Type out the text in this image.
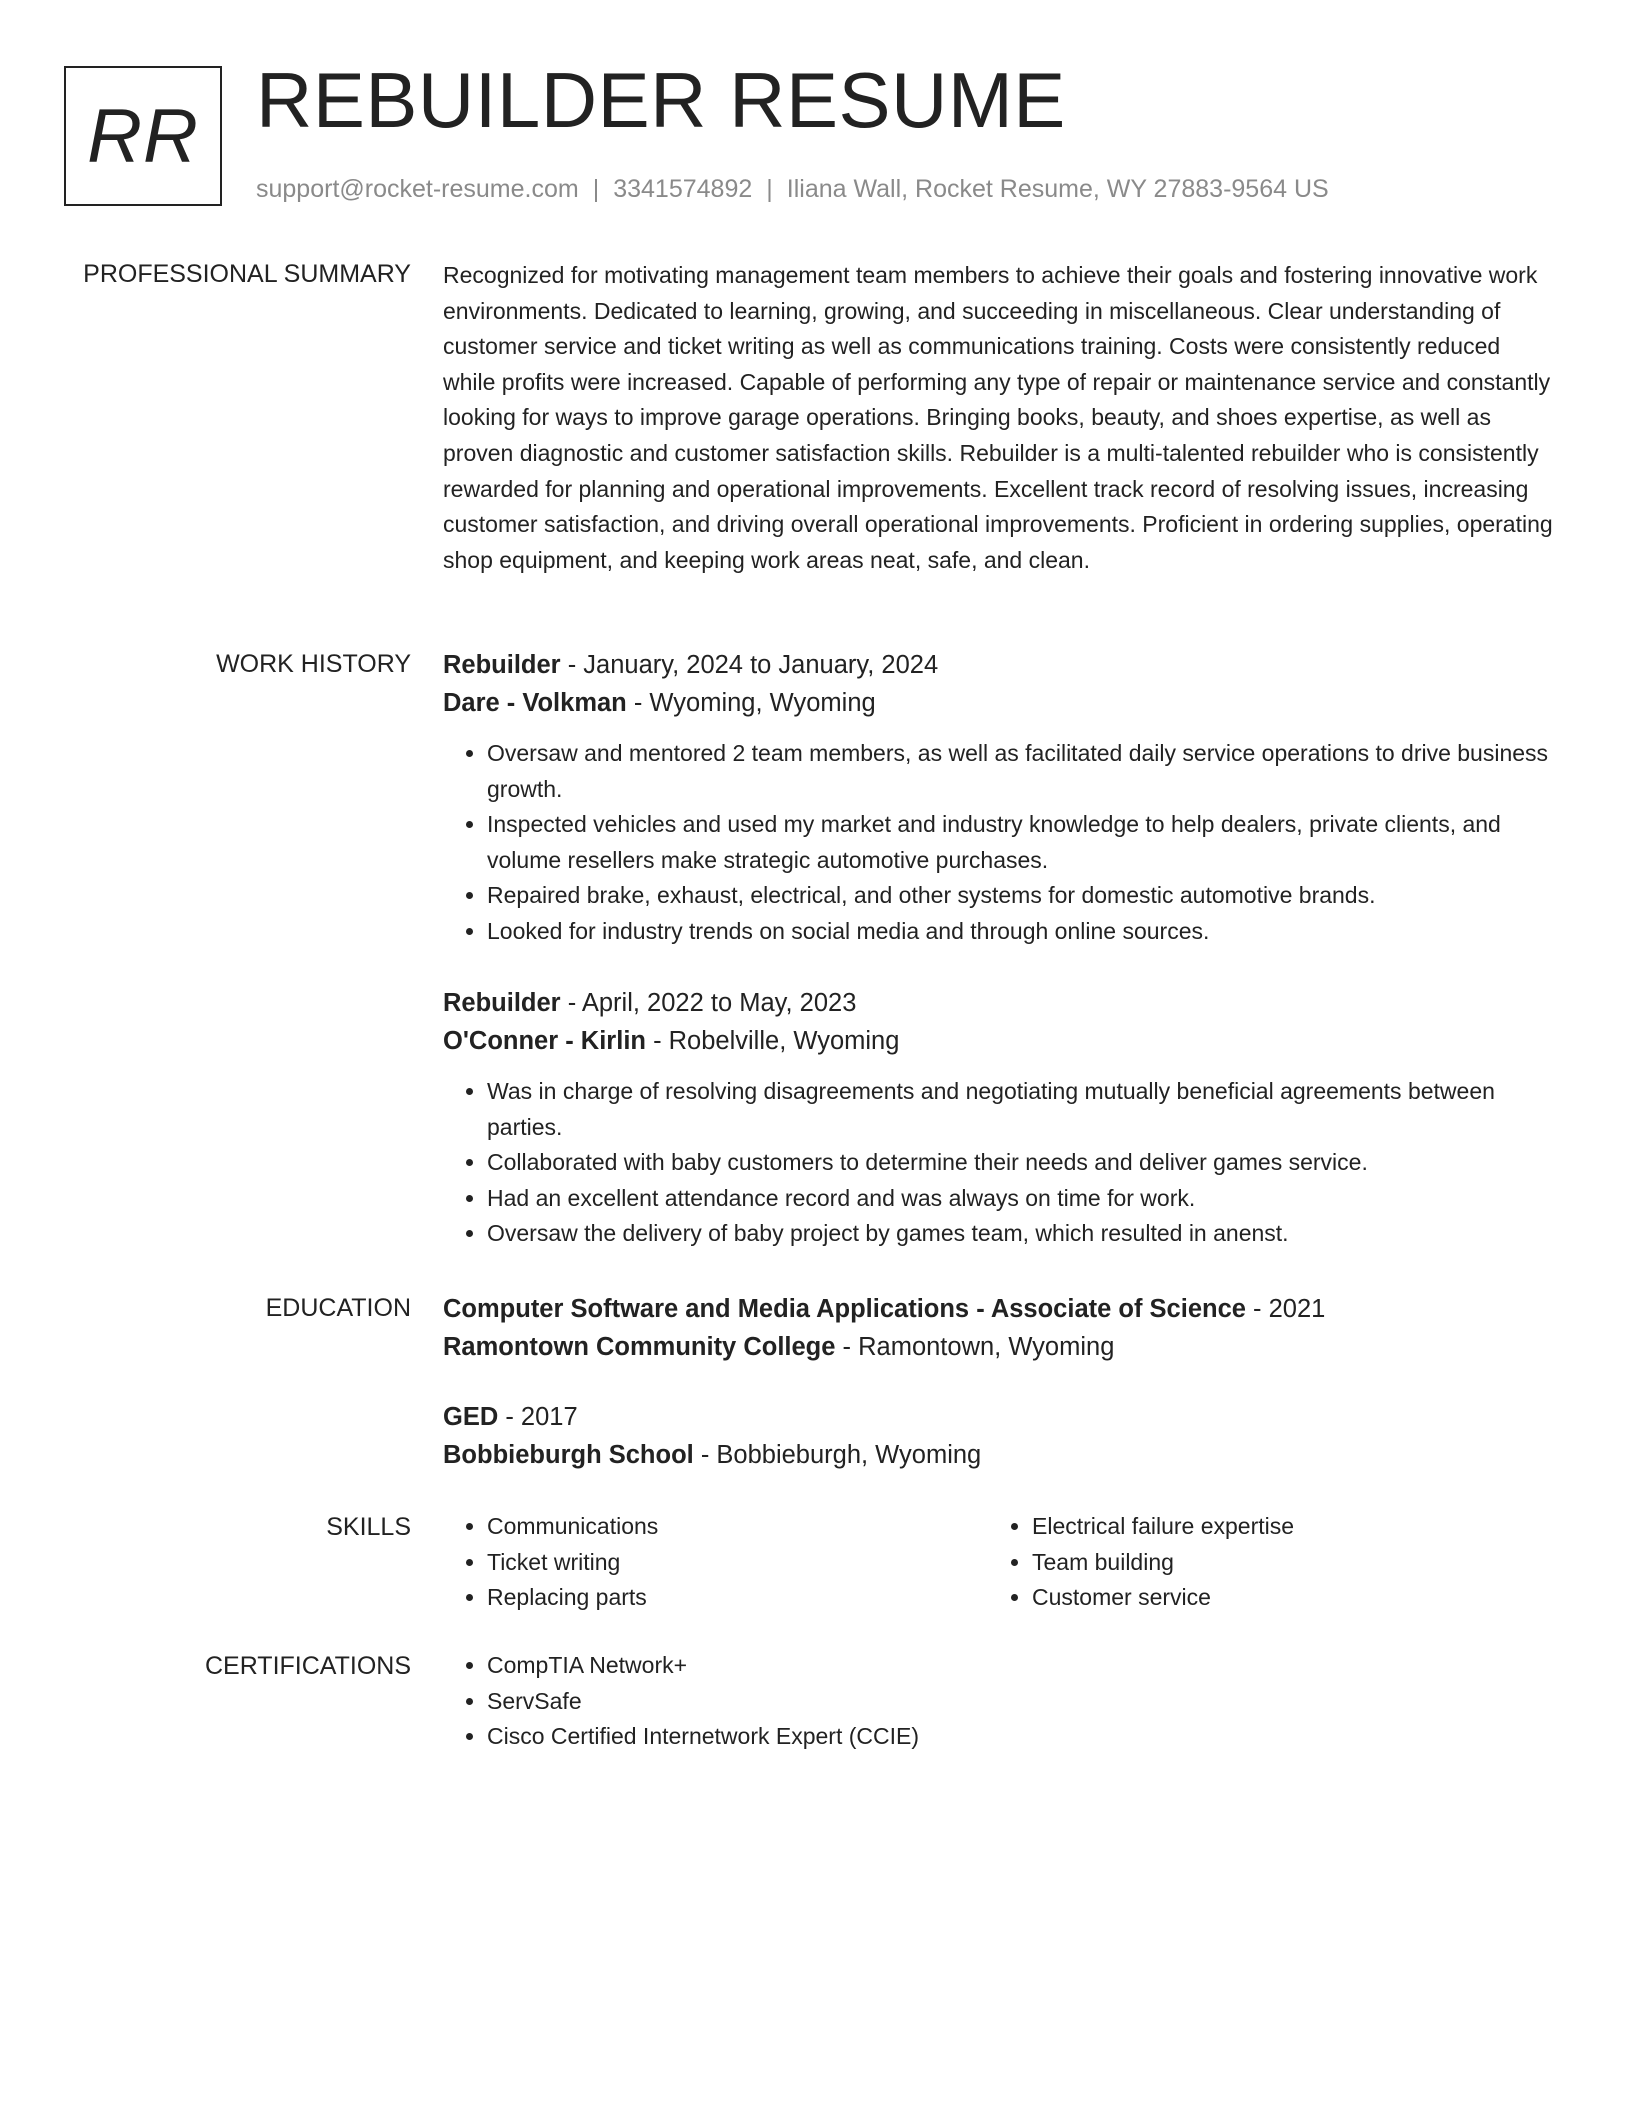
RR REBUILDER RESUME
support@rocket-resume.com | 3341574892 | Iliana Wall, Rocket Resume, WY 27883-9564 US
PROFESSIONAL SUMMARY Recognized for motivating management team members to achieve their goals and fostering innovative work environments. Dedicated to learning, growing, and succeeding in miscellaneous. Clear understanding of customer service and ticket writing as well as communications training. Costs were consistently reduced while profits were increased. Capable of performing any type of repair or maintenance service and constantly looking for ways to improve garage operations. Bringing books, beauty, and shoes expertise, as well as proven diagnostic and customer satisfaction skills. Rebuilder is a multi-talented rebuilder who is consistently rewarded for planning and operational improvements. Excellent track record of resolving issues, increasing customer satisfaction, and driving overall operational improvements. Proficient in ordering supplies, operating shop equipment, and keeping work areas neat, safe, and clean.

WORK HISTORY Rebuilder - January, 2024 to January, 2024

Dare - Volkman - Wyoming, Wyoming

• Oversaw and mentored 2 team members, as well as facilitated daily service operations to drive business growth.
• Inspected vehicles and used my market and industry knowledge to help dealers, private clients, and volume resellers make strategic automotive purchases.
• Repaired brake, exhaust, electrical, and other systems for domestic automotive brands.
• Looked for industry trends on social media and through online sources.

Rebuilder - April, 2022 to May, 2023

O'Conner - Kirlin - Robelville, Wyoming

• Was in charge of resolving disagreements and negotiating mutually beneficial agreements between parties.
• Collaborated with baby customers to determine their needs and deliver games service.
• Had an excellent attendance record and was always on time for work.
• Oversaw the delivery of baby project by games team, which resulted in anenst.
EDUCATION Computer Software and Media Applications - Associate of Science - 2021

Ramontown Community College - Ramontown, Wyoming

GED - 2017

Bobbieburgh School - Bobbieburgh, Wyoming

SKILLS	• Communications
• Ticket writing
• Replacing parts
• Electrical failure expertise
• Team building
• Customer service
CERTIFICATIONS	• CompTIA Network+
• ServSafe
• Cisco Certified Internetwork Expert (CCIE)
